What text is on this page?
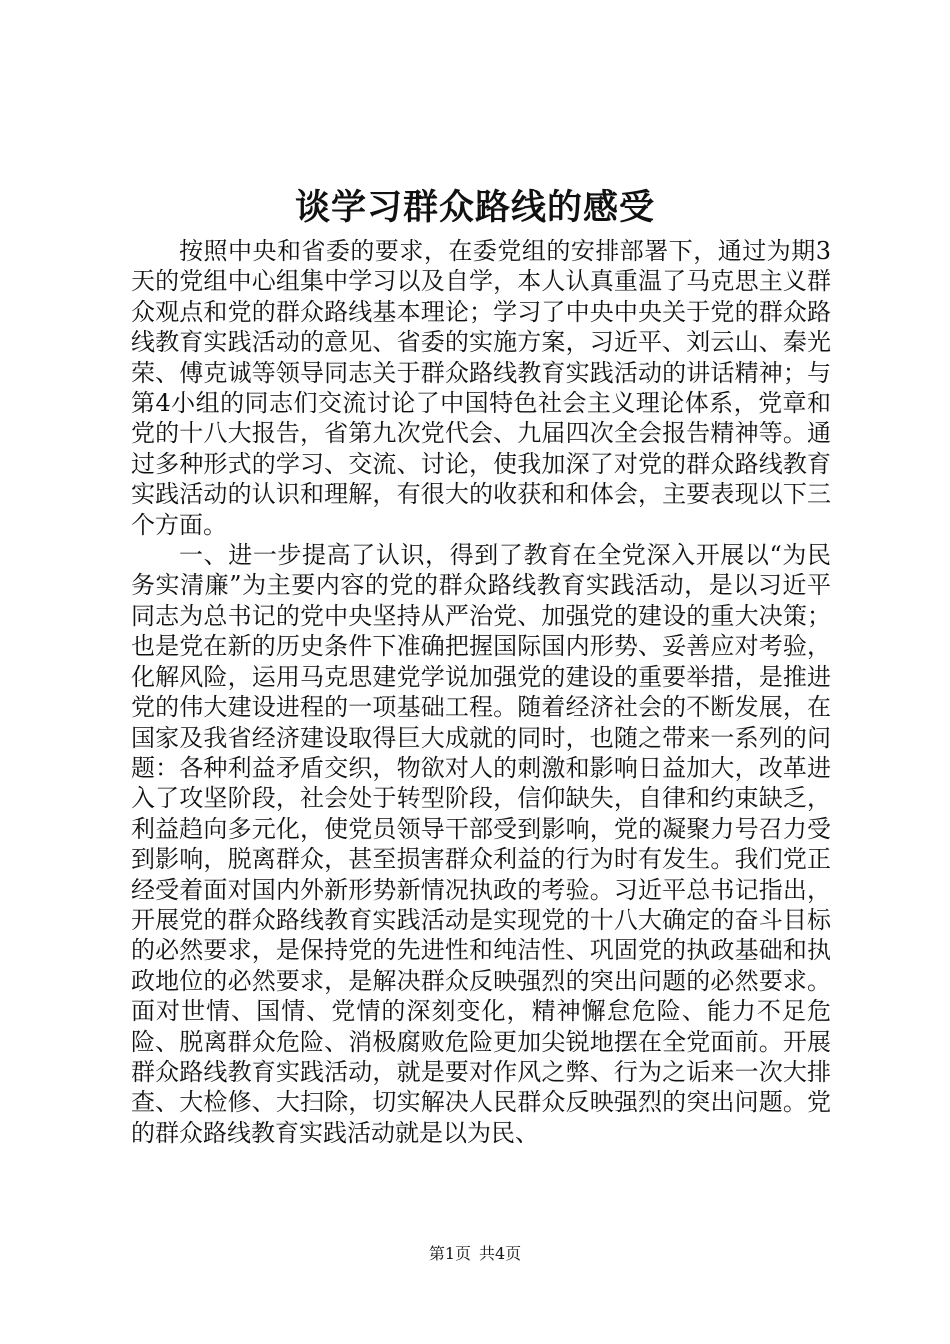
谈学习群众路线的感受

按照中央和省委的要求，在委党组的安排部署下，通过为期3天的党组中心组集中学习以及自学，本人认真重温了马克思主义群众观点和党的群众路线基本理论；学习了中央中央关于党的群众路线教育实践活动的意见、省委的实施方案，习近平、刘云山、秦光荣、傅克诚等领导同志关于群众路线教育实践活动的讲话精神；与第4小组的同志们交流讨论了中国特色社会主义理论体系，党章和党的十八大报告，省第九次党代会、九届四次全会报告精神等。通过多种形式的学习、交流、讨论，使我加深了对党的群众路线教育实践活动的认识和理解，有很大的收获和和体会，主要表现以下三个方面。

一、进一步提高了认识，得到了教育在全党深入开展以“为民务实清廉”为主要内容的党的群众路线教育实践活动，是以习近平同志为总书记的党中央坚持从严治党、加强党的建设的重大决策；也是党在新的历史条件下准确把握国际国内形势、妥善应对考验，化解风险，运用马克思建党学说加强党的建设的重要举措，是推进党的伟大建设进程的一项基础工程。随着经济社会的不断发展，在国家及我省经济建设取得巨大成就的同时，也随之带来一系列的问题：各种利益矛盾交织，物欲对人的刺激和影响日益加大，改革进入了攻坚阶段，社会处于转型阶段，信仰缺失，自律和约束缺乏，利益趋向多元化，使党员领导干部受到影响，党的凝聚力号召力受到影响，脱离群众，甚至损害群众利益的行为时有发生。我们党正经受着面对国内外新形势新情况执政的考验。习近平总书记指出，开展党的群众路线教育实践活动是实现党的十八大确定的奋斗目标的必然要求，是保持党的先进性和纯洁性、巩固党的执政基础和执政地位的必然要求，是解决群众反映强烈的突出问题的必然要求。面对世情、国情、党情的深刻变化，精神懈怠危险、能力不足危险、脱离群众危险、消极腐败危险更加尖锐地摆在全党面前。开展群众路线教育实践活动，就是要对作风之弊、行为之诟来一次大排查、大检修、大扫除，切实解决人民群众反映强烈的突出问题。党的群众路线教育实践活动就是以为民、

第1页 共4页
